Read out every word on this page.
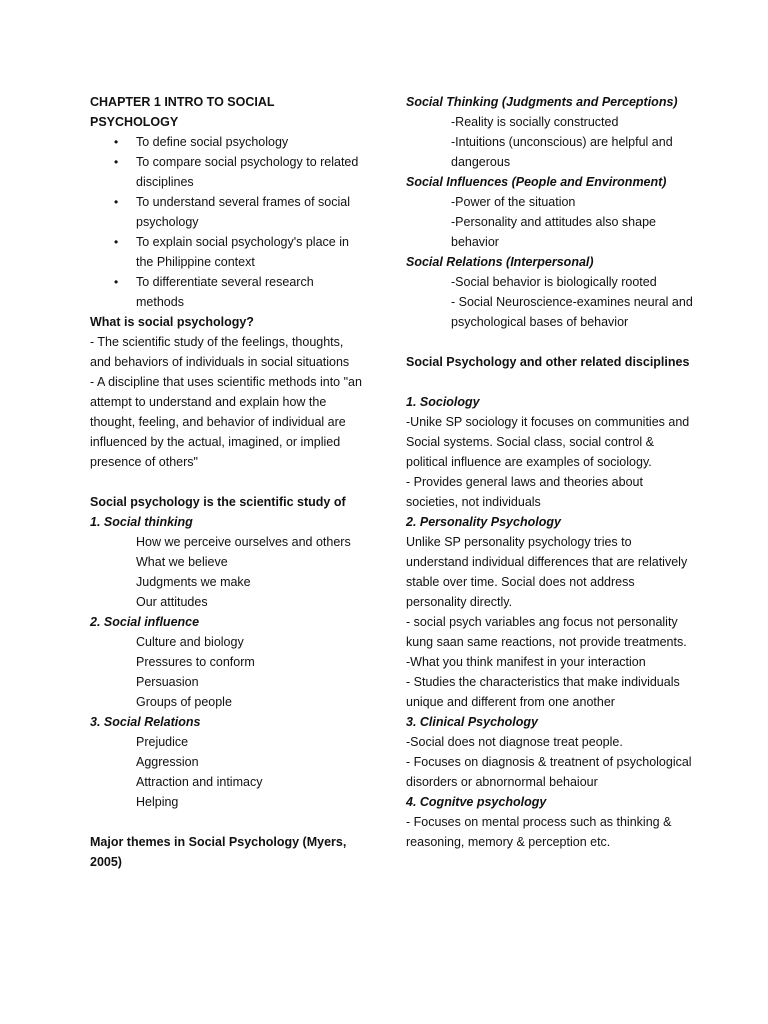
CHAPTER 1 INTRO TO SOCIAL PSYCHOLOGY
• To define social psychology
• To compare social psychology to related disciplines
• To understand several frames of social psychology
• To explain social psychology's place in the Philippine context
• To differentiate several research methods
What is social psychology?
- The scientific study of the feelings, thoughts, and behaviors of individuals in social situations
- A discipline that uses scientific methods into "an attempt to understand and explain how the thought, feeling, and behavior of individual are influenced by the actual, imagined, or implied presence of others"
Social psychology is the scientific study of
1. Social thinking
How we perceive ourselves and others
What we believe
Judgments we make
Our attitudes
2. Social influence
Culture and biology
Pressures to conform
Persuasion
Groups of people
3. Social Relations
Prejudice
Aggression
Attraction and intimacy
Helping
Major themes in Social Psychology (Myers, 2005)
Social Thinking (Judgments and Perceptions)
-Reality is socially constructed
-Intuitions (unconscious) are helpful and dangerous
Social Influences (People and Environment)
-Power of the situation
-Personality and attitudes also shape behavior
Social Relations (Interpersonal)
-Social behavior is biologically rooted
- Social Neuroscience-examines neural and psychological bases of behavior
Social Psychology and other related disciplines
1. Sociology
-Unike SP sociology it focuses on communities and Social systems. Social class, social control & political influence are examples of sociology.
- Provides general laws and theories about societies, not individuals
2. Personality Psychology
Unlike SP personality psychology tries to understand individual differences that are relatively stable over time. Social does not address personality directly.
- social psych variables ang focus not personality kung saan same reactions, not provide treatments.
-What you think manifest in your interaction
- Studies the characteristics that make individuals unique and different from one another
3. Clinical Psychology
-Social does not diagnose treat people.
- Focuses on diagnosis & treatnent of psychological disorders or abnornormal behaiour
4. Cognitve psychology
- Focuses on mental process such as thinking & reasoning, memory & perception etc.
